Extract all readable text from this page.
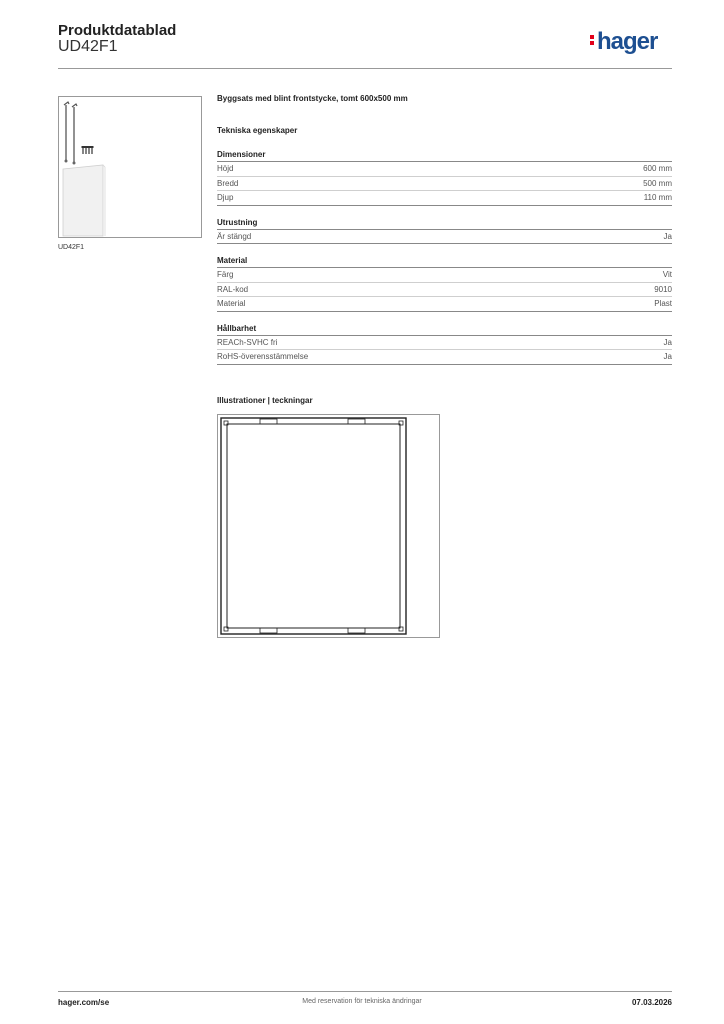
Produktdatablad
UD42F1	hager
UD42F1
Byggsats med blint frontstycke, tomt 600x500 mm
Tekniska egenskaper
Dimensioner
Höjd	600 mm
Bredd	500 mm
Djup	110 mm
Utrustning
Är stängd	Ja
Material
Färg	Vit
RAL-kod	9010
Material	Plast
Hållbarhet
REACh-SVHC fri	Ja
RoHS-överensstämmelse	Ja
Illustrationer | teckningar
hager.com/se	Med reservation för tekniska ändringar	07.03.2026
